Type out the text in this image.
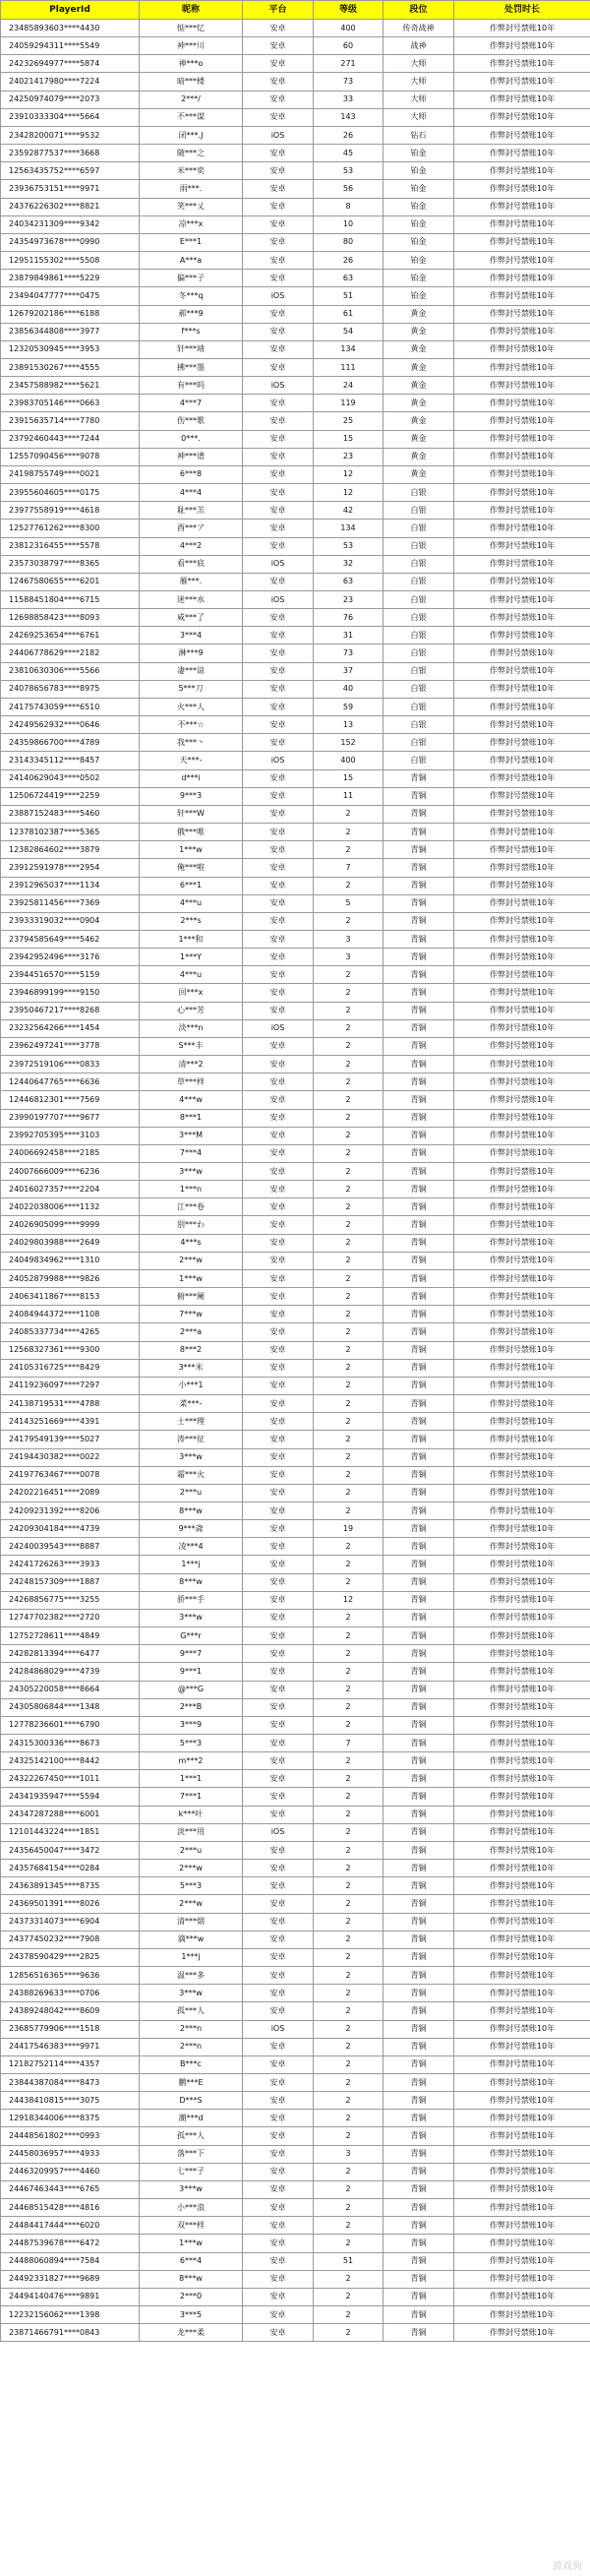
PlayerId	昵称	平台	等级	段位	处罚时长
23485893603****4430	惦***忆	安卓	400	传奇战神	作弊封号禁账10年
24059294311****5549	神***川	安卓	60	战神	作弊封号禁账10年
24232694977****5874	神***o	安卓	271	大师	作弊封号禁账10年
24021417980****7224	暗***楼	安卓	73	大师	作弊封号禁账10年
24250974079****2073	2***/	安卓	33	大师	作弊封号禁账10年
23910333304****5664	不***谋	安卓	143	大师	作弊封号禁账10年
23428200071****9532	闭***.J	iOS	26	钻石	作弊封号禁账10年
23592877537****3668	随***之	安卓	45	铂金	作弊封号禁账10年
12563435752****6597	米***奕	安卓	53	铂金	作弊封号禁账10年
23936753151****9971	雨***.	安卓	56	铂金	作弊封号禁账10年
24376226302****8821	笑***乂	安卓	8	铂金	作弊封号禁账10年
24034231309****9342	凉***x	安卓	10	铂金	作弊封号禁账10年
24354973678****0990	E***1	安卓	80	铂金	作弊封号禁账10年
12951155302****5508	A***a	安卓	26	铂金	作弊封号禁账10年
23879849861****5229	偏***子	安卓	63	铂金	作弊封号禁账10年
23494047777****0475	冬***q	iOS	51	铂金	作弊封号禁账10年
12679202186****6188	郝***9	安卓	61	黄金	作弊封号禁账10年
23856344808****3977	f***s	安卓	54	黄金	作弊封号禁账10年
12320530945****3953	轩***靖	安卓	134	黄金	作弊封号禁账10年
23891530267****4555	拂***墨	安卓	111	黄金	作弊封号禁账10年
23457588982****5621	有***吗	iOS	24	黄金	作弊封号禁账10年
23983705146****0663	4***7	安卓	119	黄金	作弊封号禁账10年
23915635714****7780	伤***歌	安卓	25	黄金	作弊封号禁账10年
23792460443****7244	0***.	安卓	15	黄金	作弊封号禁账10年
12557090456****9078	神***谱	安卓	23	黄金	作弊封号禁账10年
24198755749****0021	6***8	安卓	12	黄金	作弊封号禁账10年
23955604605****0175	4***4	安卓	12	白银	作弊封号禁账10年
23977558919****4618	耻***羔	安卓	42	白银	作弊封号禁账10年
12527761262****8300	酉***ア	安卓	134	白银	作弊封号禁账10年
23812316455****5578	4***2	安卓	53	白银	作弊封号禁账10年
23573038797****8365	看***底	iOS	32	白银	作弊封号禁账10年
12467580655****6201	雁***.	安卓	63	白银	作弊封号禁账10年
11588451804****6715	迷***水	iOS	23	白银	作弊封号禁账10年
12698858423****8093	咸***了	安卓	76	白银	作弊封号禁账10年
24269253654****6761	3***4	安卓	31	白银	作弊封号禁账10年
24406778629****2182	淋***9	安卓	73	白银	作弊封号禁账10年
23810630306****5566	凄***谅	安卓	37	白银	作弊封号禁账10年
24078656783****8975	5***刀	安卓	40	白银	作弊封号禁账10年
24175743059****6510	火***人	安卓	59	白银	作弊封号禁账10年
24249562932****0646	不***☆	安卓	13	白银	作弊封号禁账10年
24359866700****4789	我***丶	安卓	152	白银	作弊封号禁账10年
23143345112****8457	天***-	iOS	400	白银	作弊封号禁账10年
24140629043****0502	d***i	安卓	15	青铜	作弊封号禁账10年
12506724419****2259	9***3	安卓	11	青铜	作弊封号禁账10年
23887152483****5460	轩***W	安卓	2	青铜	作弊封号禁账10年
12378102387****5365	俄***唯	安卓	2	青铜	作弊封号禁账10年
12382864602****3879	1***w	安卓	2	青铜	作弊封号禁账10年
23912591978****2954	俺***啦	安卓	7	青铜	作弊封号禁账10年
23912965037****1134	6***1	安卓	2	青铜	作弊封号禁账10年
23925811456****7369	4***u	安卓	5	青铜	作弊封号禁账10年
23933319032****0904	2***s	安卓	2	青铜	作弊封号禁账10年
23794585649****5462	1***和	安卓	3	青铜	作弊封号禁账10年
23942952496****3176	1***Y	安卓	3	青铜	作弊封号禁账10年
23944516570****5159	4***u	安卓	2	青铜	作弊封号禁账10年
23946899199****9150	回***x	安卓	2	青铜	作弊封号禁账10年
23950467217****8268	心***芳	安卓	2	青铜	作弊封号禁账10年
23232564266****1454	淡***n	iOS	2	青铜	作弊封号禁账10年
23962497241****3778	S***丰	安卓	2	青铜	作弊封号禁账10年
23972519106****0833	清***2	安卓	2	青铜	作弊封号禁账10年
12440647765****6636	草***样	安卓	2	青铜	作弊封号禁账10年
12446812301****7569	4***w	安卓	2	青铜	作弊封号禁账10年
23990197707****9677	8***1	安卓	2	青铜	作弊封号禁账10年
23992705395****3103	3***M	安卓	2	青铜	作弊封号禁账10年
24006692458****2185	7***4	安卓	2	青铜	作弊封号禁账10年
24007666009****6236	3***w	安卓	2	青铜	作弊封号禁账10年
24016027357****2204	1***n	安卓	2	青铜	作弊封号禁账10年
24022038006****1132	江***卷	安卓	2	青铜	作弊封号禁账10年
24026905099****9999	别***わ	安卓	2	青铜	作弊封号禁账10年
24029803988****2649	4***s	安卓	2	青铜	作弊封号禁账10年
24049834962****1310	2***w	安卓	2	青铜	作弊封号禁账10年
24052879988****9826	1***w	安卓	2	青铜	作弊封号禁账10年
24063411867****8153	俯***阑	安卓	2	青铜	作弊封号禁账10年
24084944372****1108	7***w	安卓	2	青铜	作弊封号禁账10年
24085337734****4265	2***a	安卓	2	青铜	作弊封号禁账10年
12568327361****9300	8***2	安卓	2	青铜	作弊封号禁账10年
24105316725****8429	3***米	安卓	2	青铜	作弊封号禁账10年
24119236097****7297	小***1	安卓	2	青铜	作弊封号禁账10年
24138719531****4788	菜***-	安卓	2	青铜	作弊封号禁账10年
24143251669****4391	士***理	安卓	2	青铜	作弊封号禁账10年
24179549139****5027	涛***征	安卓	2	青铜	作弊封号禁账10年
24194430382****0022	3***w	安卓	2	青铜	作弊封号禁账10年
24197763467****0078	霜***火	安卓	2	青铜	作弊封号禁账10年
24202216451****2089	2***u	安卓	2	青铜	作弊封号禁账10年
24209231392****8206	8***w	安卓	2	青铜	作弊封号禁账10年
24209304184****4739	9***斋	安卓	19	青铜	作弊封号禁账10年
24240039543****8887	凌***4	安卓	2	青铜	作弊封号禁账10年
24241726263****3933	1***j	安卓	2	青铜	作弊封号禁账10年
24248157309****1887	8***w	安卓	2	青铜	作弊封号禁账10年
24268856775****3255	骄***手	安卓	12	青铜	作弊封号禁账10年
12747702382****2720	3***w	安卓	2	青铜	作弊封号禁账10年
12752728611****4849	G***r	安卓	2	青铜	作弊封号禁账10年
24282813394****6477	9***7	安卓	2	青铜	作弊封号禁账10年
24284868029****4739	9***1	安卓	2	青铜	作弊封号禁账10年
24305220058****8664	@***G	安卓	2	青铜	作弊封号禁账10年
24305806844****1348	2***B	安卓	2	青铜	作弊封号禁账10年
12778236601****6790	3***9	安卓	2	青铜	作弊封号禁账10年
24315300336****8673	5***3	安卓	7	青铜	作弊封号禁账10年
24325142100****8442	m***2	安卓	2	青铜	作弊封号禁账10年
24322267450****1011	1***1	安卓	2	青铜	作弊封号禁账10年
24341935947****5594	7***1	安卓	2	青铜	作弊封号禁账10年
24347287288****6001	k***叶	安卓	2	青铜	作弊封号禁账10年
12101443224****1851	淡***用	iOS	2	青铜	作弊封号禁账10年
24356450047****3472	2***u	安卓	2	青铜	作弊封号禁账10年
24357684154****0284	2***w	安卓	2	青铜	作弊封号禁账10年
24363891345****8735	5***3	安卓	2	青铜	作弊封号禁账10年
24369501391****8026	2***w	安卓	2	青铜	作弊封号禁账10年
24373314073****6904	清***烟	安卓	2	青铜	作弊封号禁账10年
24377450232****7908	滴***w	安卓	2	青铜	作弊封号禁账10年
24378590429****2825	1***j	安卓	2	青铜	作弊封号禁账10年
12856516365****9636	温***多	安卓	2	青铜	作弊封号禁账10年
24388269633****0706	3***w	安卓	2	青铜	作弊封号禁账10年
24389248042****8609	孤***人	安卓	2	青铜	作弊封号禁账10年
23685779906****1518	2***n	iOS	2	青铜	作弊封号禁账10年
24417546383****9971	2***n	安卓	2	青铜	作弊封号禁账10年
12182752114****4357	B***c	安卓	2	青铜	作弊封号禁账10年
23844387084****8473	鹏***E	安卓	2	青铜	作弊封号禁账10年
24438410815****3075	D***S	安卓	2	青铜	作弊封号禁账10年
12918344006****8375	潮***d	安卓	2	青铜	作弊封号禁账10年
24448561802****0993	孤***人	安卓	2	青铜	作弊封号禁账10年
24458036957****4933	落***下	安卓	3	青铜	作弊封号禁账10年
24463209957****4460	七***子	安卓	2	青铜	作弊封号禁账10年
24467463443****6765	3***w	安卓	2	青铜	作弊封号禁账10年
24468515428****4816	小***浪	安卓	2	青铜	作弊封号禁账10年
24484417444****6020	双***样	安卓	2	青铜	作弊封号禁账10年
24487539678****6472	1***w	安卓	2	青铜	作弊封号禁账10年
24488060894****7584	6***4	安卓	51	青铜	作弊封号禁账10年
24492331827****9689	8***w	安卓	2	青铜	作弊封号禁账10年
24494140476****9891	2***0	安卓	2	青铜	作弊封号禁账10年
12232156062****1398	3***5	安卓	2	青铜	作弊封号禁账10年
23871466791****0843	龙***柔	安卓	2	青铜	作弊封号禁账10年
游戏狗
